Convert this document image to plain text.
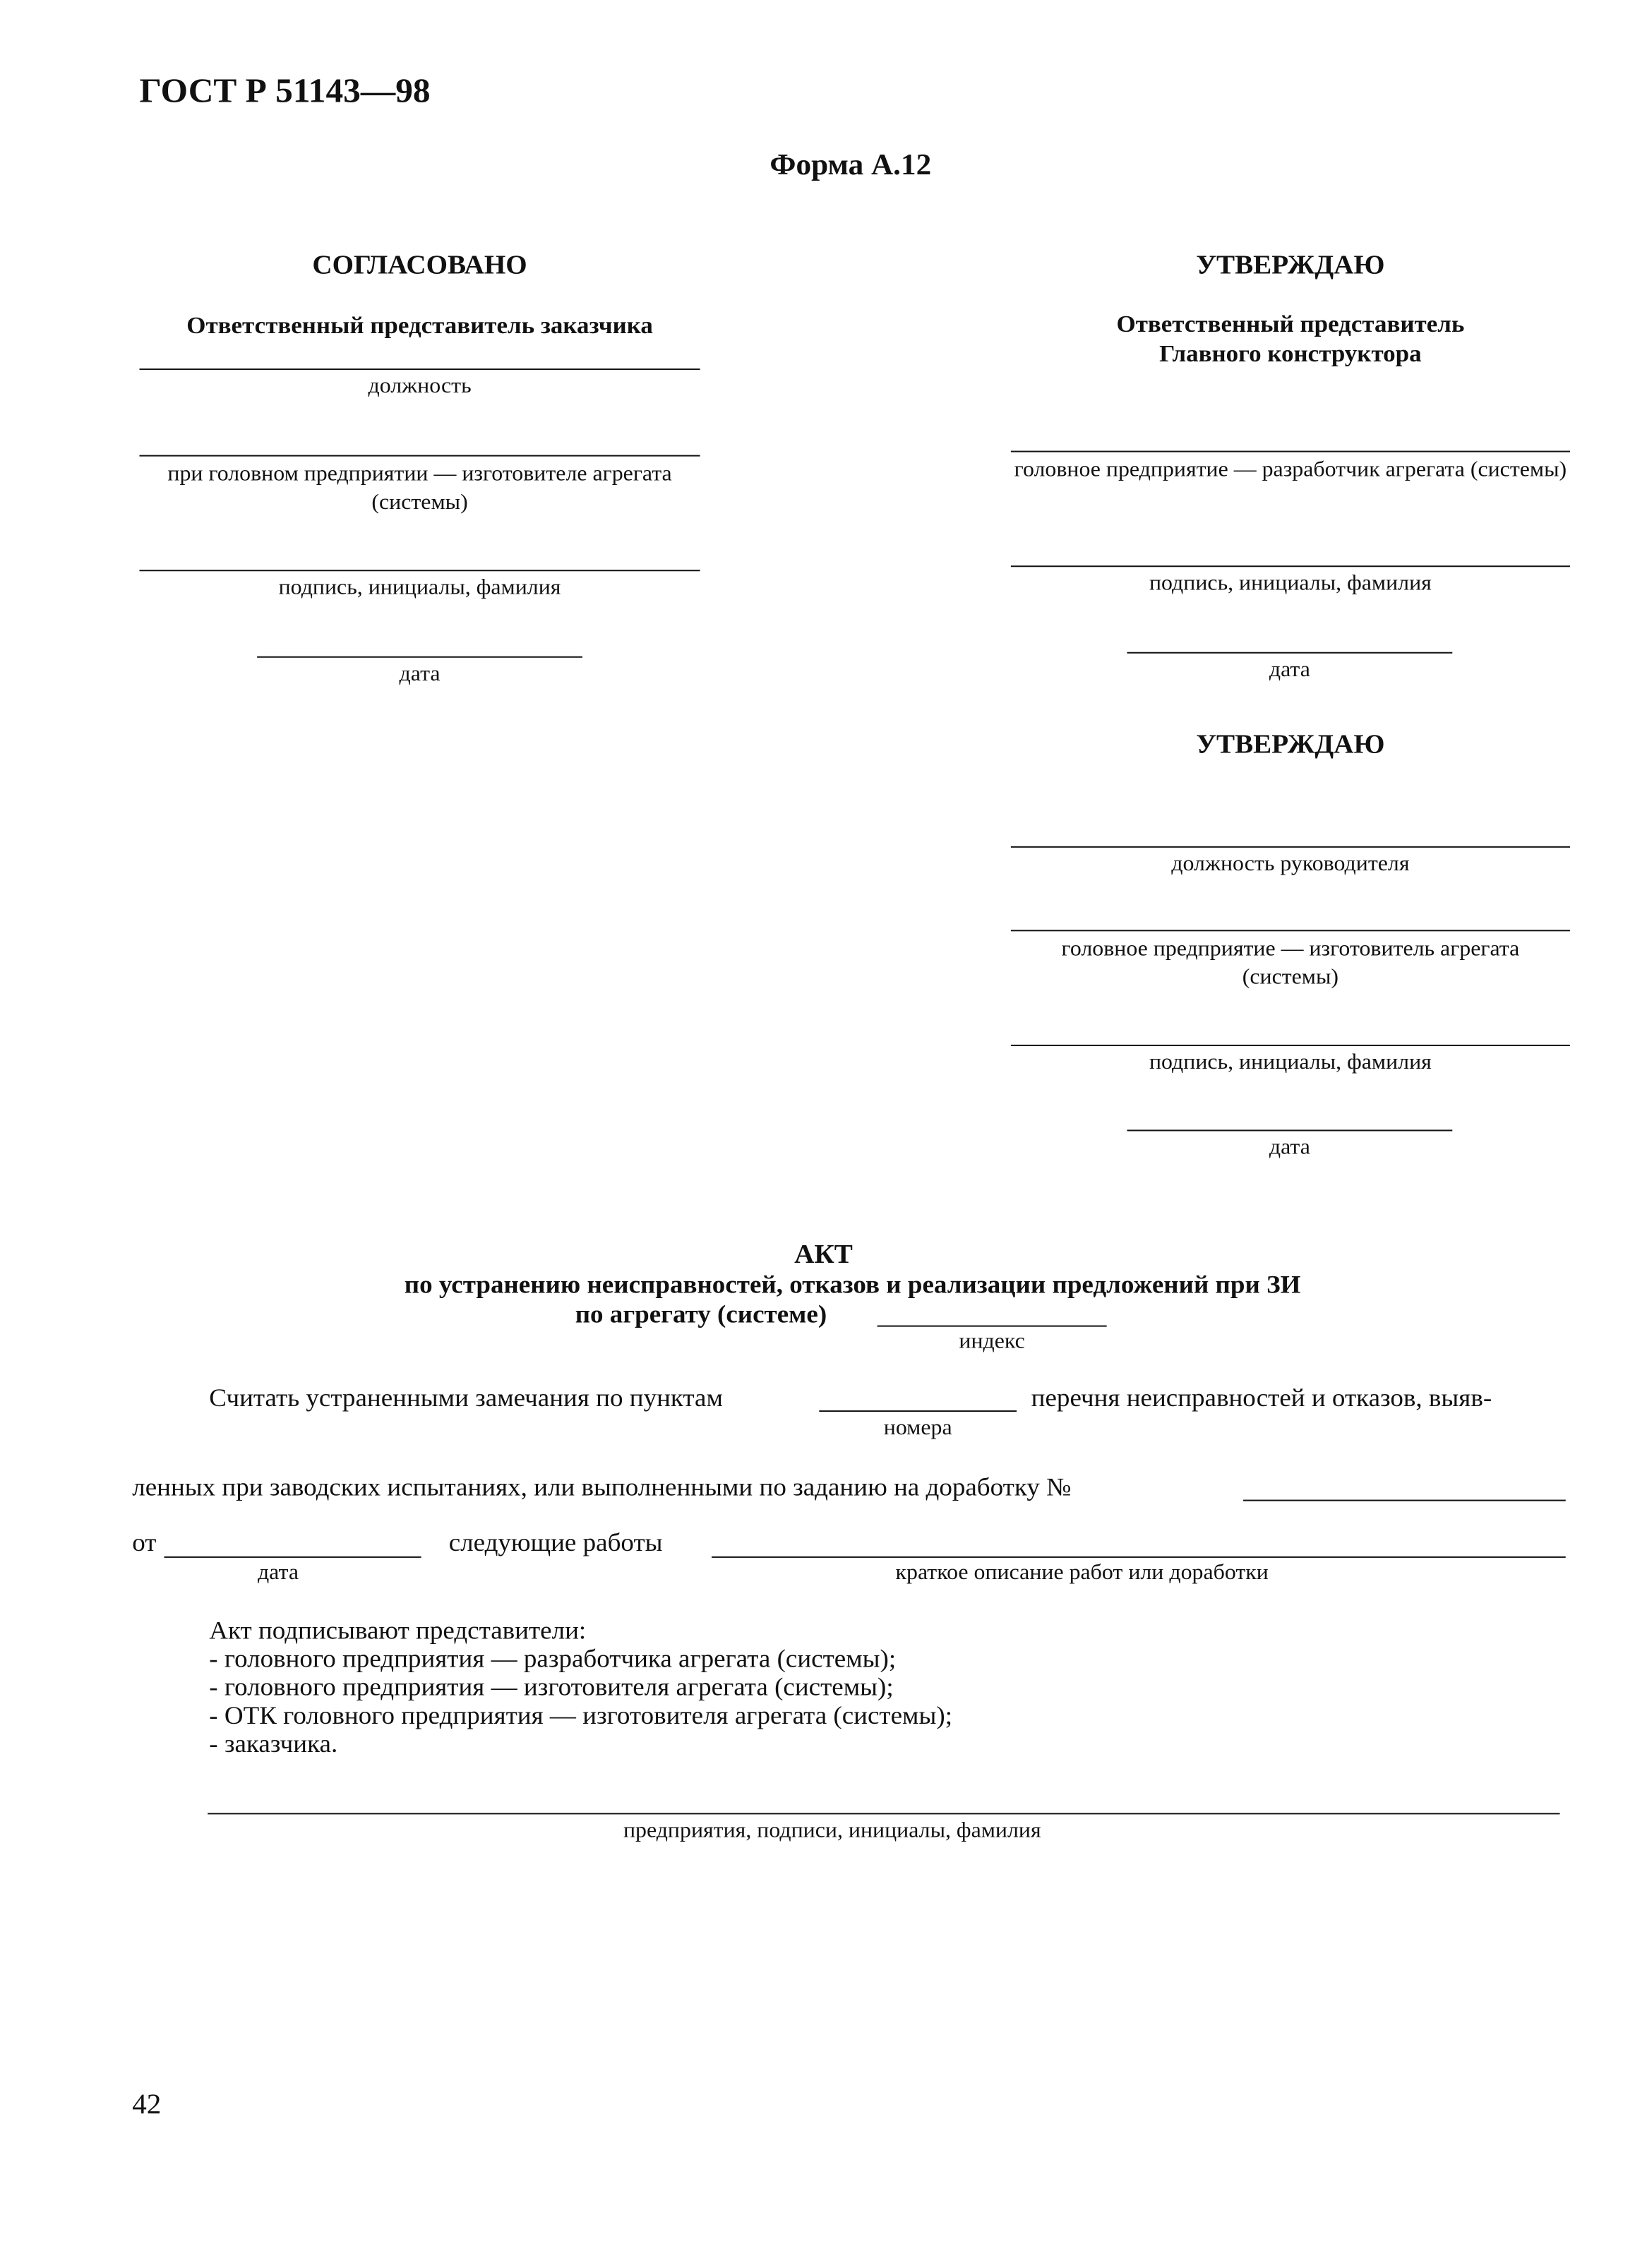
ГОСТ Р 51143—98
Форма А.12
СОГЛАСОВАНО
Ответственный представитель заказчика
должность
при головном предприятии — изготовителе агрегата (системы)
подпись, инициалы, фамилия
дата
УТВЕРЖДАЮ
Ответственный представитель
Главного конструктора
головное предприятие — разработчик агрегата (системы)
подпись, инициалы, фамилия
дата
УТВЕРЖДАЮ
должность руководителя
головное предприятие — изготовитель агрегата (системы)
подпись, инициалы, фамилия
дата
АКТ
по устранению неисправностей, отказов и реализации предложений при ЗИ
по агрегату (системе)
индекс
Считать устраненными замечания по пунктам
номера
перечня неисправностей и отказов, выяв-
ленных при заводских испытаниях, или выполненными по заданию на доработку №
от
дата
следующие работы
краткое описание работ или доработки
Акт подписывают представители:
- головного предприятия — разработчика агрегата (системы);
- головного предприятия — изготовителя агрегата (системы);
- ОТК головного предприятия — изготовителя агрегата (системы);
- заказчика.
предприятия, подписи, инициалы, фамилия
42
